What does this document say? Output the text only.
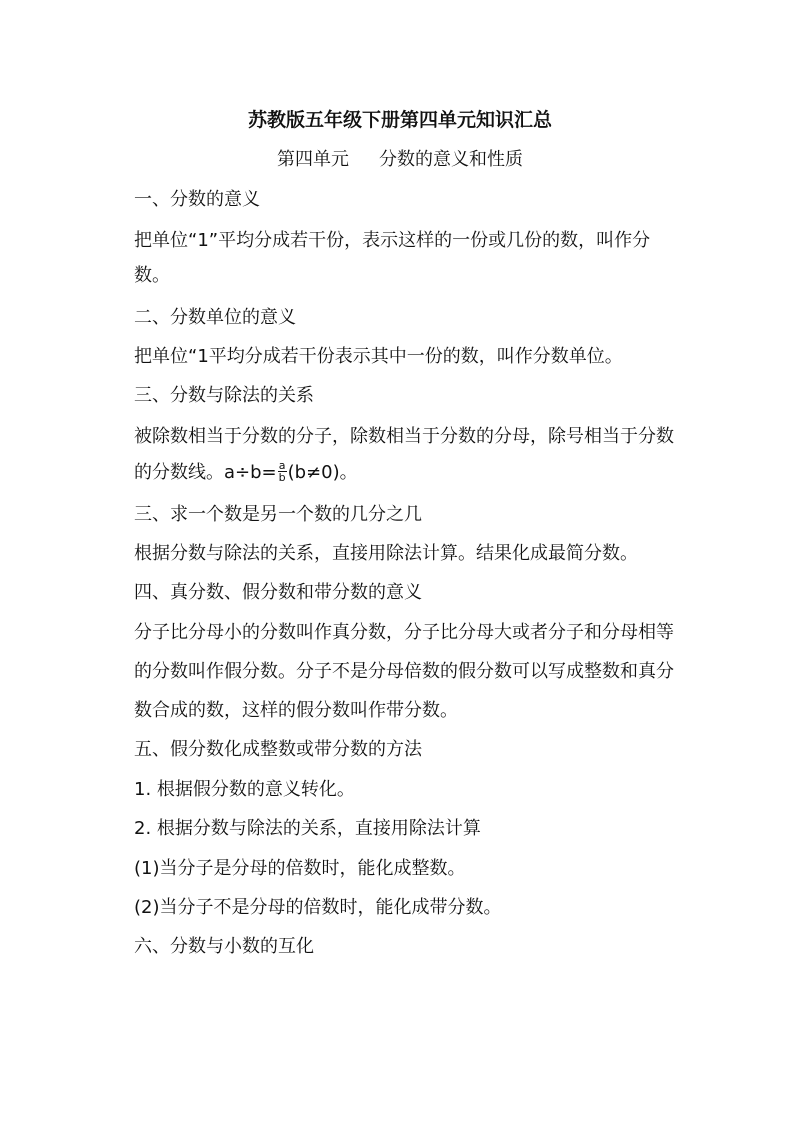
苏教版五年级下册第四单元知识汇总
第四单元 分数的意义和性质
一、分数的意义
把单位“1”平均分成若干份，表示这样的一份或几份的数，叫作分
数。
二、分数单位的意义
把单位“1平均分成若干份表示其中一份的数，叫作分数单位。
三、分数与除法的关系
被除数相当于分数的分子，除数相当于分数的分母，除号相当于分数
的分数线。$a\div b= \frac{a}{b} (b\ne 0)$。
三、求一个数是另一个数的几分之几
根据分数与除法的关系，直接用除法计算。结果化成最简分数。
四、真分数、假分数和带分数的意义
分子比分母小的分数叫作真分数，分子比分母大或者分子和分母相等
的分数叫作假分数。分子不是分母倍数的假分数可以写成整数和真分
数合成的数，这样的假分数叫作带分数。
五、假分数化成整数或带分数的方法
1. 根据假分数的意义转化。
2. 根据分数与除法的关系，直接用除法计算
(1)当分子是分母的倍数时，能化成整数。
(2)当分子不是分母的倍数时，能化成带分数。
六、分数与小数的互化
